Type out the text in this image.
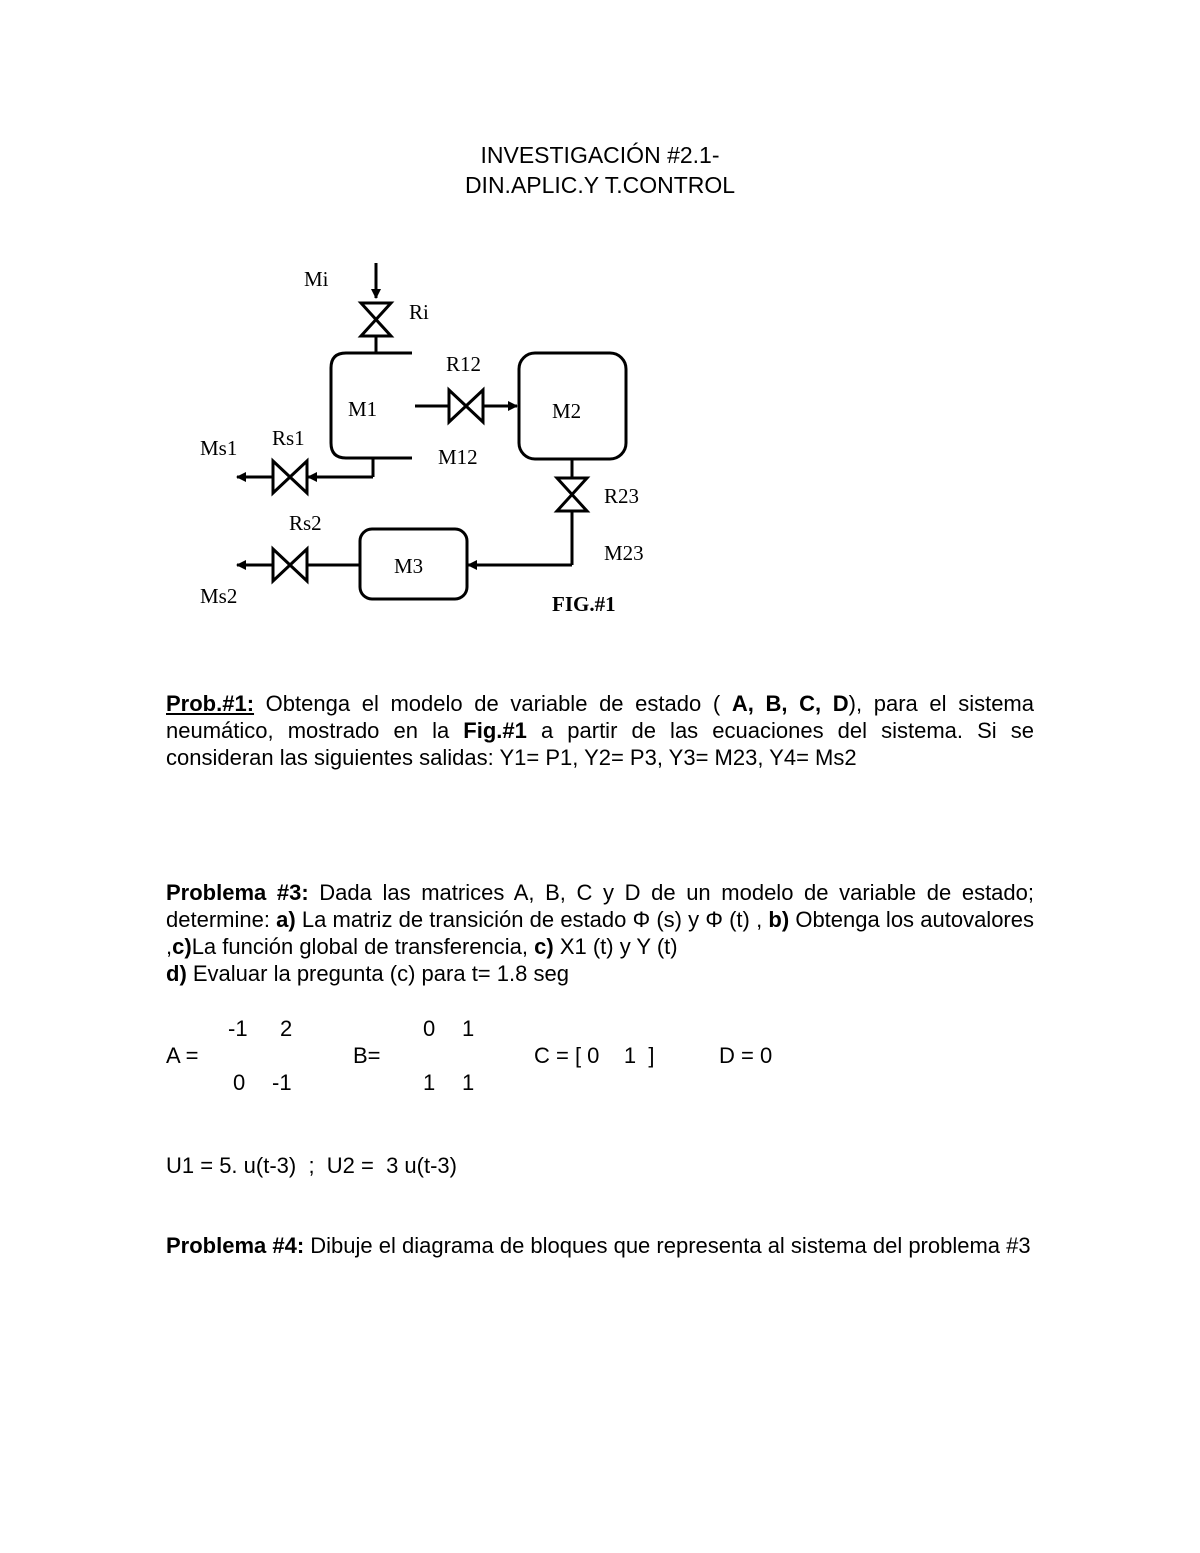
INVESTIGACIÓN #2.1-
DIN.APLIC.Y T.CONTROL
Mi
Ri
M1
R12
M2
M12
Ms1 Rs1
R23
Rs2
M3
M23
Ms2	FIG.#1
Prob.#1: Obtenga el modelo de variable de estado ( A, B, C, D), para el sistema neumático, mostrado en la Fig.#1 a partir de las ecuaciones del sistema. Si se consideran las siguientes salidas: Y1= P1, Y2= P3, Y3= M23, Y4= Ms2
Problema #3: Dada las matrices A, B, C y D de un modelo de variable de estado; determine: a) La matriz de transición de estado Φ (s) y Φ (t) , b) Obtenga los autovalores ,c)La función global de transferencia, c) X1 (t) y Y (t)
d) Evaluar la pregunta (c) para t= 1.8 seg
-1 2
A =
0 -1
0 1
B=
1 1
C = [ 0    1  ]	D = 0
U1 = 5. u(t-3)  ;  U2 =  3 u(t-3)
Problema #4: Dibuje el diagrama de bloques que representa al sistema del problema #3
